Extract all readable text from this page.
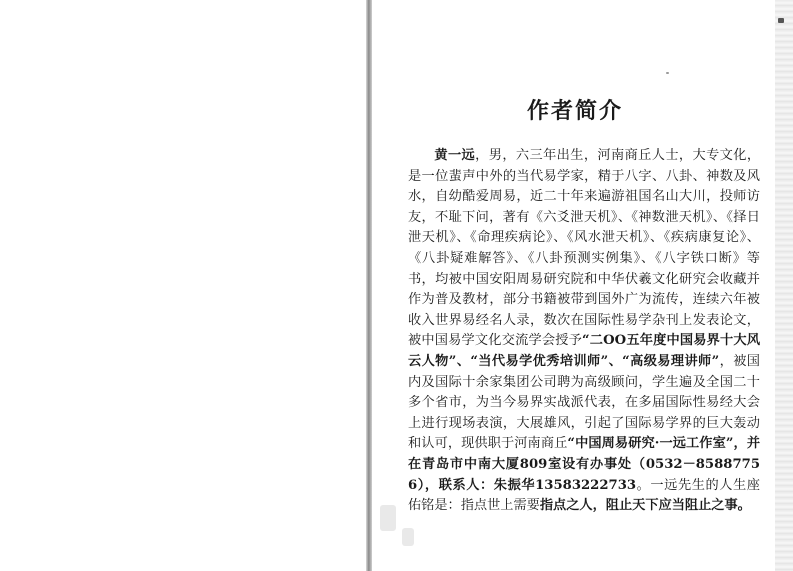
作者简介

黄一远，男，六三年出生，河南商丘人士，大专文化，是一位蜚声中外的当代易学家，精于八字、八卦、神数及风水，自幼酷爱周易，近二十年来遍游祖国名山大川，投师访友，不耻下问，著有《六爻泄天机》、《神数泄天机》、《择日泄天机》、《命理疾病论》、《风水泄天机》、《疾病康复论》、《八卦疑难解答》、《八卦预测实例集》、《八字铁口断》等书，均被中国安阳周易研究院和中华伏羲文化研究会收藏并作为普及教材，部分书籍被带到国外广为流传，连续六年被收入世界易经名人录，数次在国际性易学杂刊上发表论文，被中国易学文化交流学会授予“二OO五年度中国易界十大风云人物”、“当代易学优秀培训师”、“高级易理讲师”，被国内及国际十余家集团公司聘为高级顾问，学生遍及全国二十多个省市，为当今易界实战派代表，在多届国际性易经大会上进行现场表演，大展雄风，引起了国际易学界的巨大轰动和认可，现供职于河南商丘“中国周易研究·一远工作室”，并在青岛市中南大厦809室设有办事处（0532－85887756），联系人：朱振华13583222733。一远先生的人生座佑铭是：指点世上需要指点之人，阻止天下应当阻止之事。
